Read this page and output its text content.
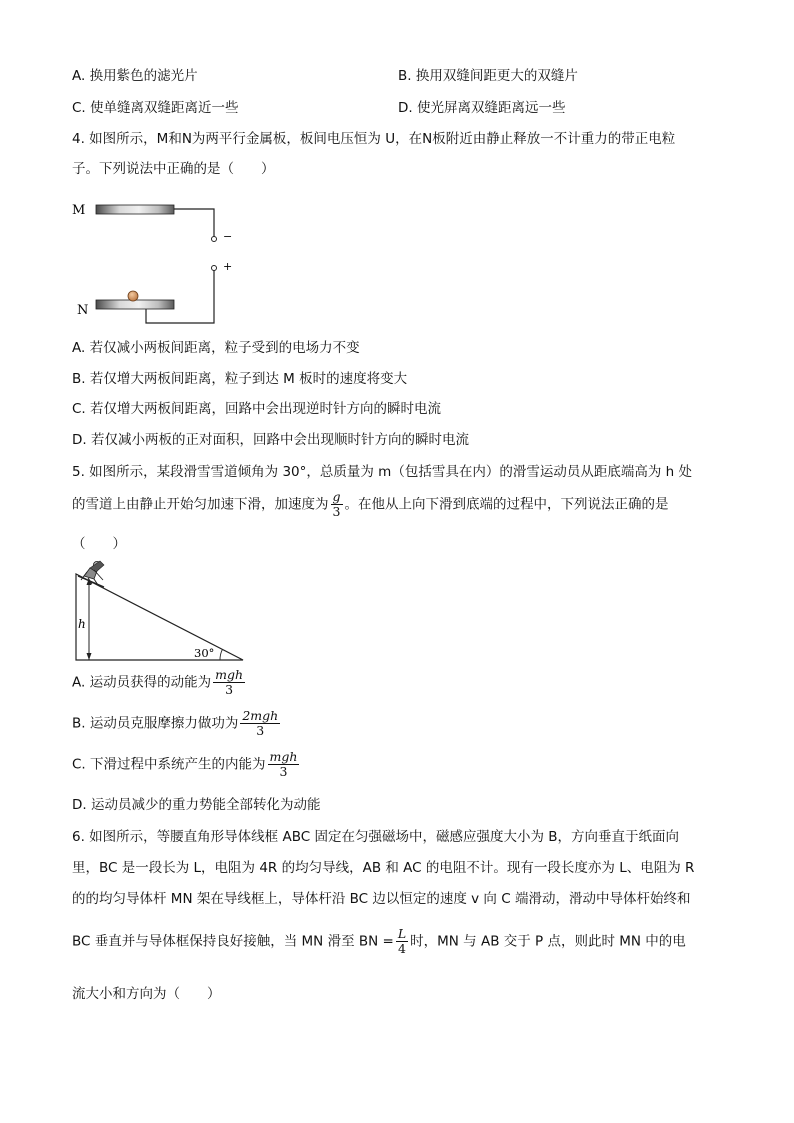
A. 换用紫色的滤光片	B. 换用双缝间距更大的双缝片
C. 使单缝离双缝距离近一些	D. 使光屏离双缝距离远一些
4. 如图所示，M和N为两平行金属板，板间电压恒为 U，在N板附近由静止释放一不计重力的带正电粒
子。下列说法中正确的是（　　）
M
−
+
N
A. 若仅减小两板间距离，粒子受到的电场力不变
B. 若仅增大两板间距离，粒子到达 M 板时的速度将变大
C. 若仅增大两板间距离，回路中会出现逆时针方向的瞬时电流
D. 若仅减小两板的正对面积，回路中会出现顺时针方向的瞬时电流
5. 如图所示，某段滑雪雪道倾角为 30°，总质量为 m（包括雪具在内）的滑雪运动员从距底端高为 h 处
的雪道上由静止开始匀加速下滑，加速度为 $\frac{g}{3}$ 。在他从上向下滑到底端的过程中，下列说法正确的是
（　　）
h
30°
A. 运动员获得的动能为 $\frac{\text{mgh}}{3}$
B. 运动员克服摩擦力做功为 $\frac{\text{2mgh}}{3}$
C. 下滑过程中系统产生的内能为 $\frac{\text{mgh}}{3}$
D. 运动员减少的重力势能全部转化为动能
6. 如图所示，等腰直角形导体线框 ABC 固定在匀强磁场中，磁感应强度大小为 B，方向垂直于纸面向
里，BC 是一段长为 L，电阻为 4R 的均匀导线，AB 和 AC 的电阻不计。现有一段长度亦为 L、电阻为 R
的的均匀导体杆 MN 架在导线框上，导体杆沿 BC 边以恒定的速度 v 向 C 端滑动，滑动中导体杆始终和
BC 垂直并与导体框保持良好接触，当 MN 滑至 BN = $\frac{L}{4}$ 时，MN 与 AB 交于 P 点，则此时 MN 中的电
流大小和方向为（　　）
